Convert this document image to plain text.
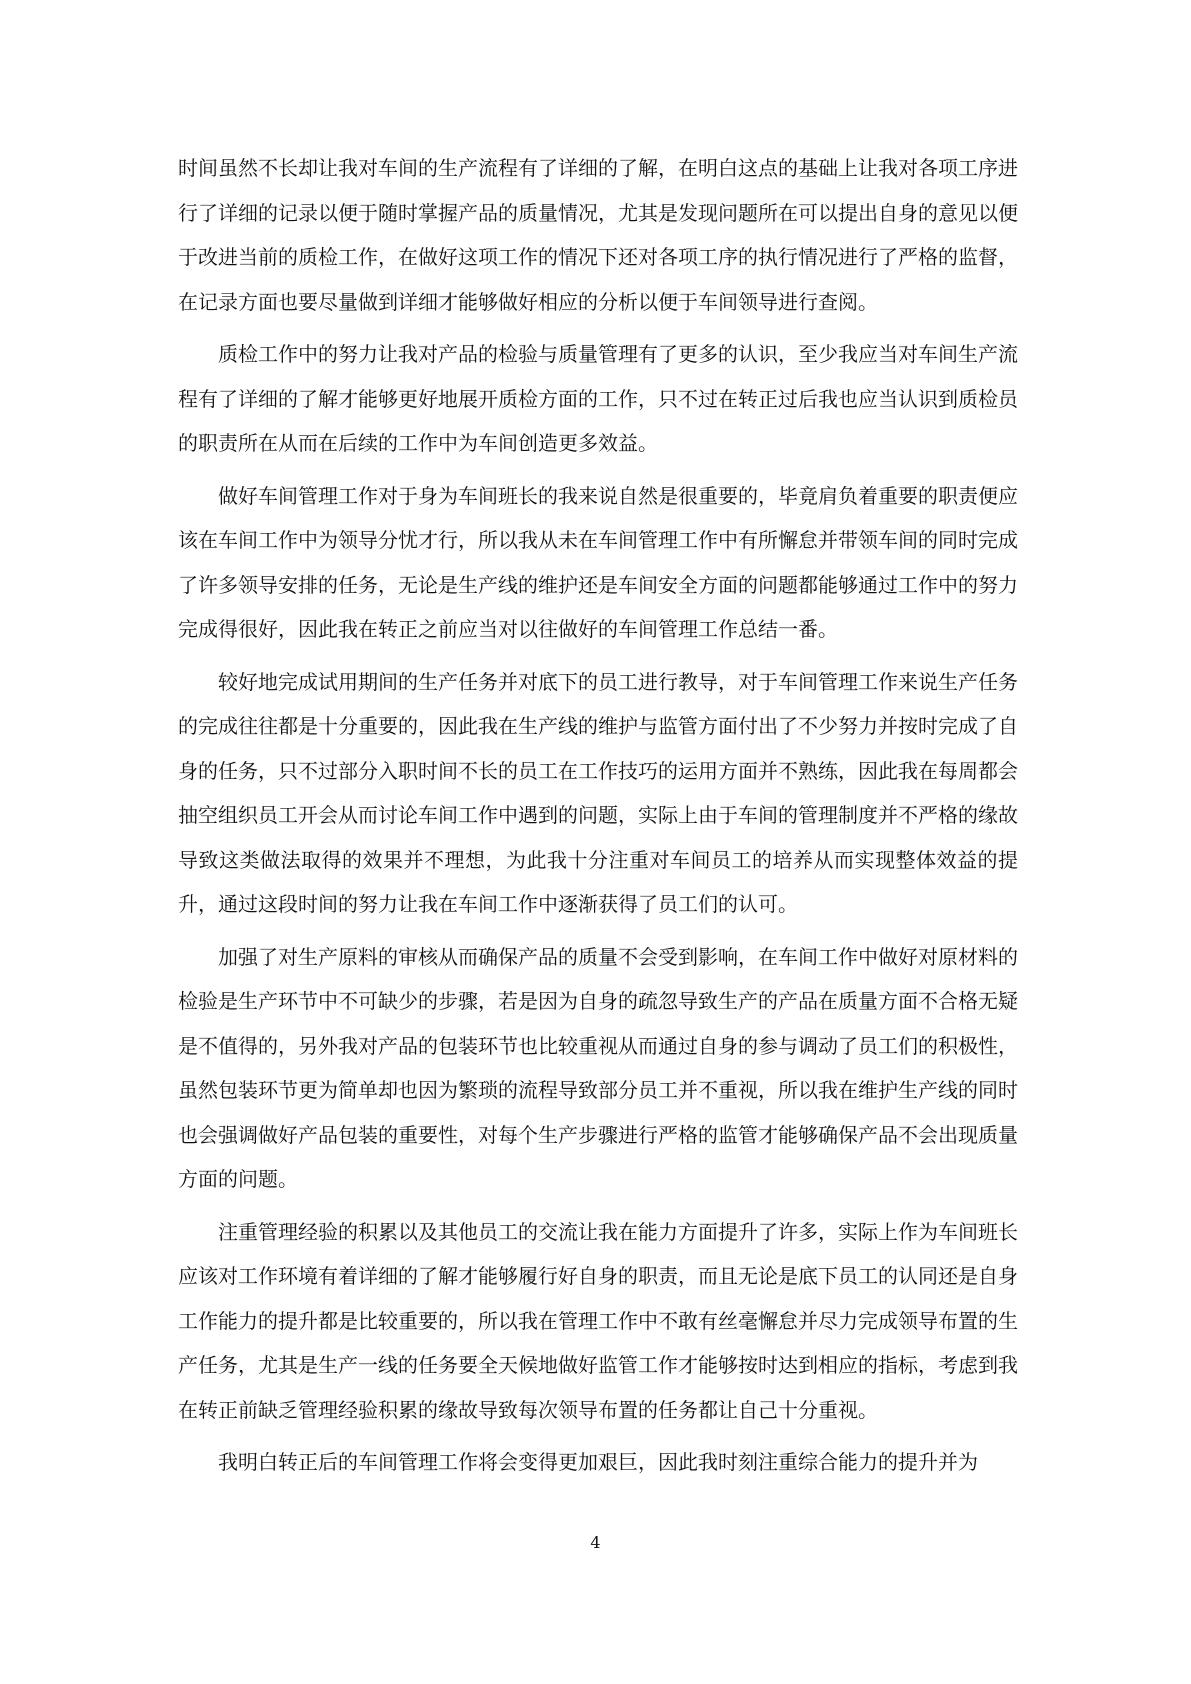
时间虽然不长却让我对车间的生产流程有了详细的了解，在明白这点的基础上让我对各项工序进行了详细的记录以便于随时掌握产品的质量情况，尤其是发现问题所在可以提出自身的意见以便于改进当前的质检工作，在做好这项工作的情况下还对各项工序的执行情况进行了严格的监督，在记录方面也要尽量做到详细才能够做好相应的分析以便于车间领导进行查阅。

质检工作中的努力让我对产品的检验与质量管理有了更多的认识，至少我应当对车间生产流程有了详细的了解才能够更好地展开质检方面的工作，只不过在转正过后我也应当认识到质检员的职责所在从而在后续的工作中为车间创造更多效益。

做好车间管理工作对于身为车间班长的我来说自然是很重要的，毕竟肩负着重要的职责便应该在车间工作中为领导分忧才行，所以我从未在车间管理工作中有所懈怠并带领车间的同时完成了许多领导安排的任务，无论是生产线的维护还是车间安全方面的问题都能够通过工作中的努力完成得很好，因此我在转正之前应当对以往做好的车间管理工作总结一番。

较好地完成试用期间的生产任务并对底下的员工进行教导，对于车间管理工作来说生产任务的完成往往都是十分重要的，因此我在生产线的维护与监管方面付出了不少努力并按时完成了自身的任务，只不过部分入职时间不长的员工在工作技巧的运用方面并不熟练，因此我在每周都会抽空组织员工开会从而讨论车间工作中遇到的问题，实际上由于车间的管理制度并不严格的缘故导致这类做法取得的效果并不理想，为此我十分注重对车间员工的培养从而实现整体效益的提升，通过这段时间的努力让我在车间工作中逐渐获得了员工们的认可。

加强了对生产原料的审核从而确保产品的质量不会受到影响，在车间工作中做好对原材料的检验是生产环节中不可缺少的步骤，若是因为自身的疏忽导致生产的产品在质量方面不合格无疑是不值得的，另外我对产品的包装环节也比较重视从而通过自身的参与调动了员工们的积极性，虽然包装环节更为简单却也因为繁琐的流程导致部分员工并不重视，所以我在维护生产线的同时也会强调做好产品包装的重要性，对每个生产步骤进行严格的监管才能够确保产品不会出现质量方面的问题。

注重管理经验的积累以及其他员工的交流让我在能力方面提升了许多，实际上作为车间班长应该对工作环境有着详细的了解才能够履行好自身的职责，而且无论是底下员工的认同还是自身工作能力的提升都是比较重要的，所以我在管理工作中不敢有丝毫懈怠并尽力完成领导布置的生产任务，尤其是生产一线的任务要全天候地做好监管工作才能够按时达到相应的指标，考虑到我在转正前缺乏管理经验积累的缘故导致每次领导布置的任务都让自己十分重视。

我明白转正后的车间管理工作将会变得更加艰巨，因此我时刻注重综合能力的提升并为

4
